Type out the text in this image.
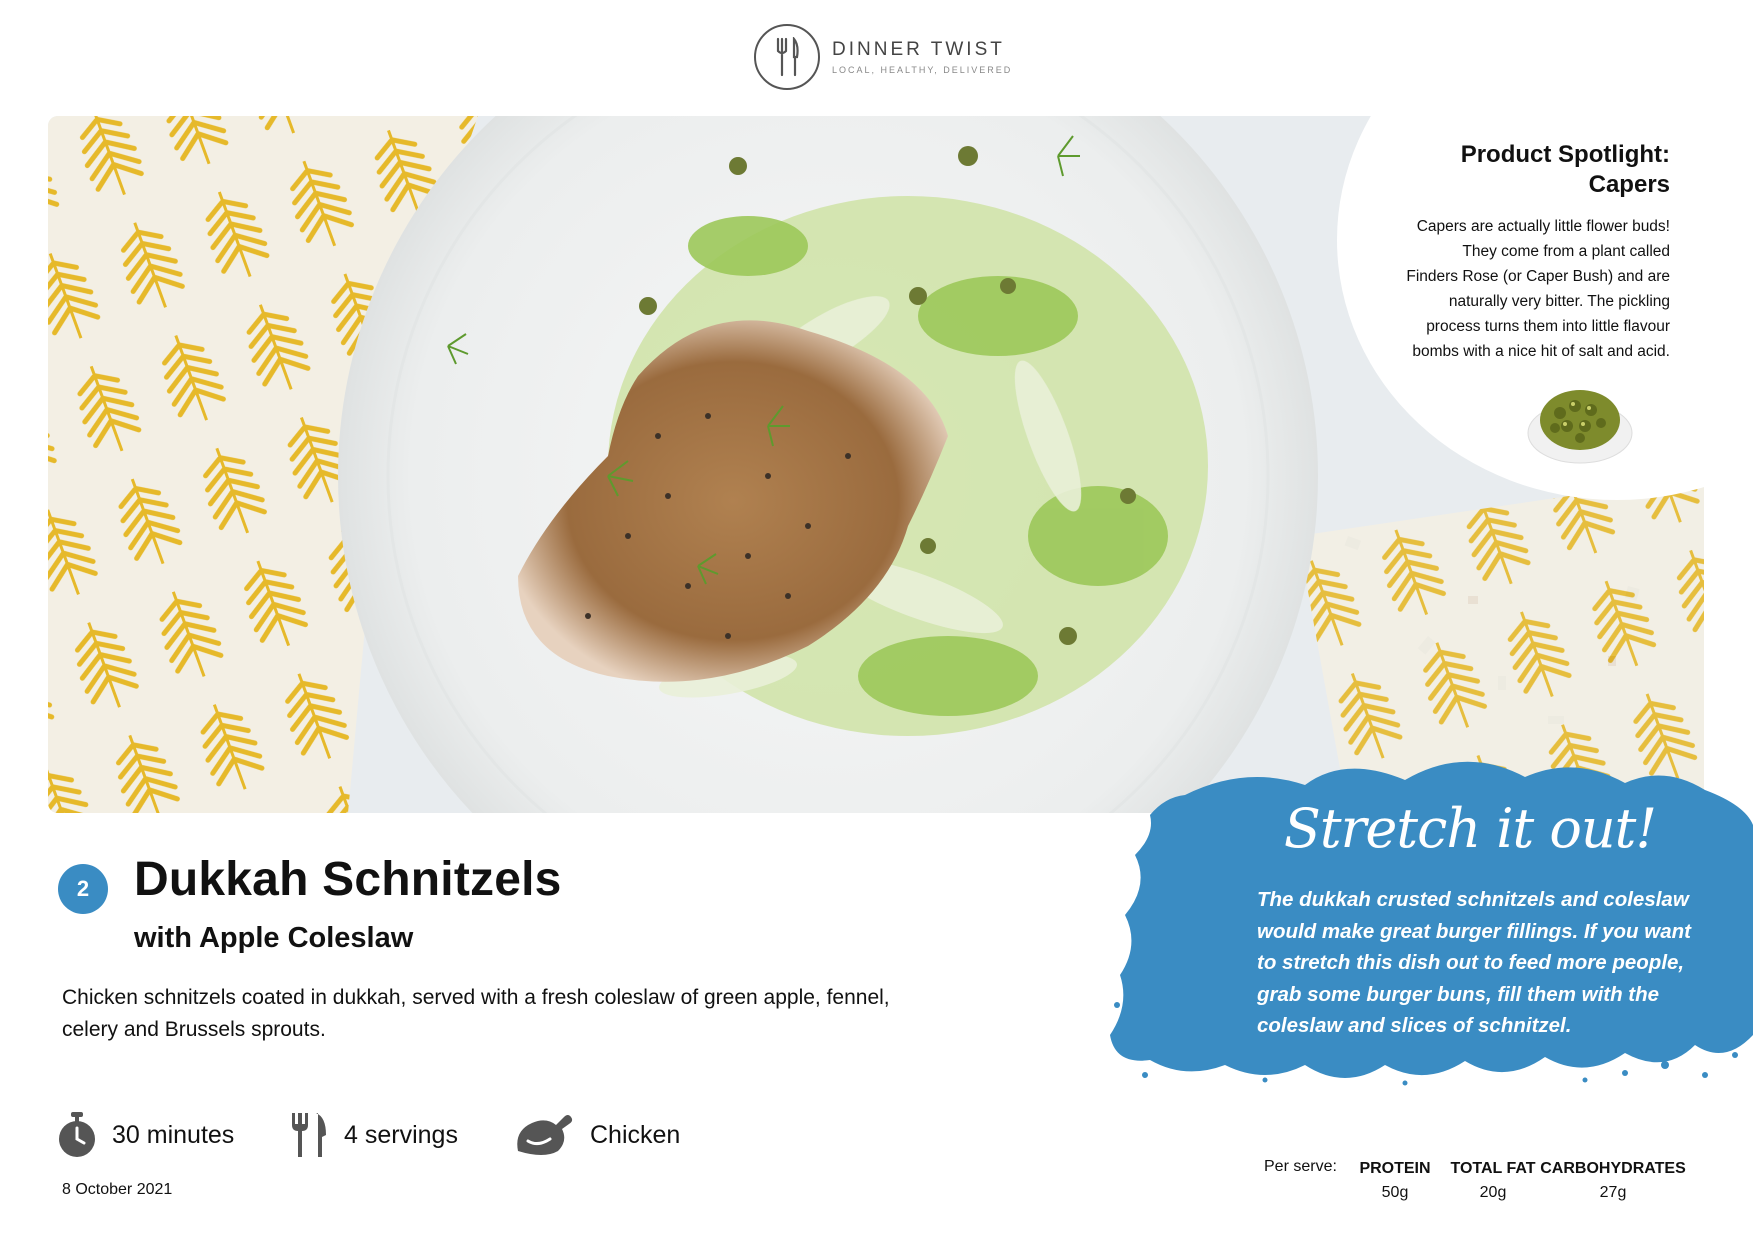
DINNER TWIST
LOCAL, HEALTHY, DELIVERED

Product Spotlight:
Capers

Capers are actually little flower buds!
They come from a plant called
Finders Rose (or Caper Bush) and are
naturally very bitter. The pickling
process turns them into little flavour
bombs with a nice hit of salt and acid.
2 Dukkah Schnitzels
with Apple Coleslaw

Chicken schnitzels coated in dukkah, served with a fresh coleslaw of green apple, fennel,
celery and Brussels sprouts.

30 minutes	4 servings	Chicken
8 October 2021
Stretch it out!
The dukkah crusted schnitzels and coleslaw
would make great burger fillings. If you want
to stretch this dish out to feed more people,
grab some burger buns, fill them with the
coleslaw and slices of schnitzel.
Per serve: PROTEIN
50g
TOTAL FAT
20g
CARBOHYDRATES
27g
